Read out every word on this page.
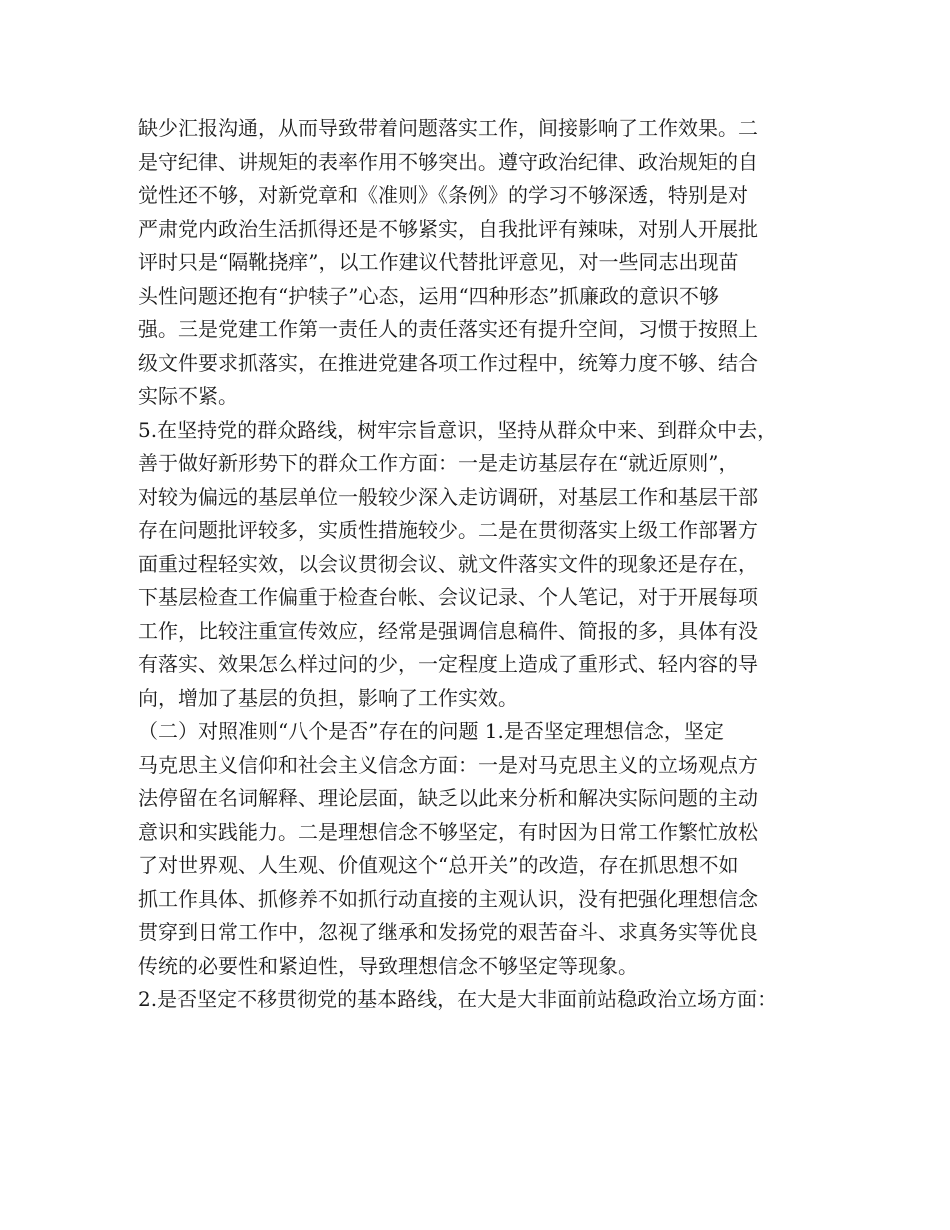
缺少汇报沟通，从而导致带着问题落实工作，间接影响了工作效果。二
是守纪律、讲规矩的表率作用不够突出。遵守政治纪律、政治规矩的自
觉性还不够，对新党章和《准则》《条例》的学习不够深透，特别是对
严肃党内政治生活抓得还是不够紧实，自我批评有辣味，对别人开展批
评时只是“隔靴挠痒”，以工作建议代替批评意见，对一些同志出现苗
头性问题还抱有“护犊子”心态，运用“四种形态”抓廉政的意识不够
强。三是党建工作第一责任人的责任落实还有提升空间，习惯于按照上
级文件要求抓落实，在推进党建各项工作过程中，统筹力度不够、结合
实际不紧。
5.在坚持党的群众路线，树牢宗旨意识，坚持从群众中来、到群众中去，
善于做好新形势下的群众工作方面：一是走访基层存在“就近原则”，
对较为偏远的基层单位一般较少深入走访调研，对基层工作和基层干部
存在问题批评较多，实质性措施较少。二是在贯彻落实上级工作部署方
面重过程轻实效，以会议贯彻会议、就文件落实文件的现象还是存在，
下基层检查工作偏重于检查台帐、会议记录、个人笔记，对于开展每项
工作，比较注重宣传效应，经常是强调信息稿件、简报的多，具体有没
有落实、效果怎么样过问的少，一定程度上造成了重形式、轻内容的导
向，增加了基层的负担，影响了工作实效。
（二）对照准则“八个是否”存在的问题 1.是否坚定理想信念，坚定
马克思主义信仰和社会主义信念方面：一是对马克思主义的立场观点方
法停留在名词解释、理论层面，缺乏以此来分析和解决实际问题的主动
意识和实践能力。二是理想信念不够坚定，有时因为日常工作繁忙放松
了对世界观、人生观、价值观这个“总开关”的改造，存在抓思想不如
抓工作具体、抓修养不如抓行动直接的主观认识，没有把强化理想信念
贯穿到日常工作中，忽视了继承和发扬党的艰苦奋斗、求真务实等优良
传统的必要性和紧迫性，导致理想信念不够坚定等现象。
2.是否坚定不移贯彻党的基本路线，在大是大非面前站稳政治立场方面：
